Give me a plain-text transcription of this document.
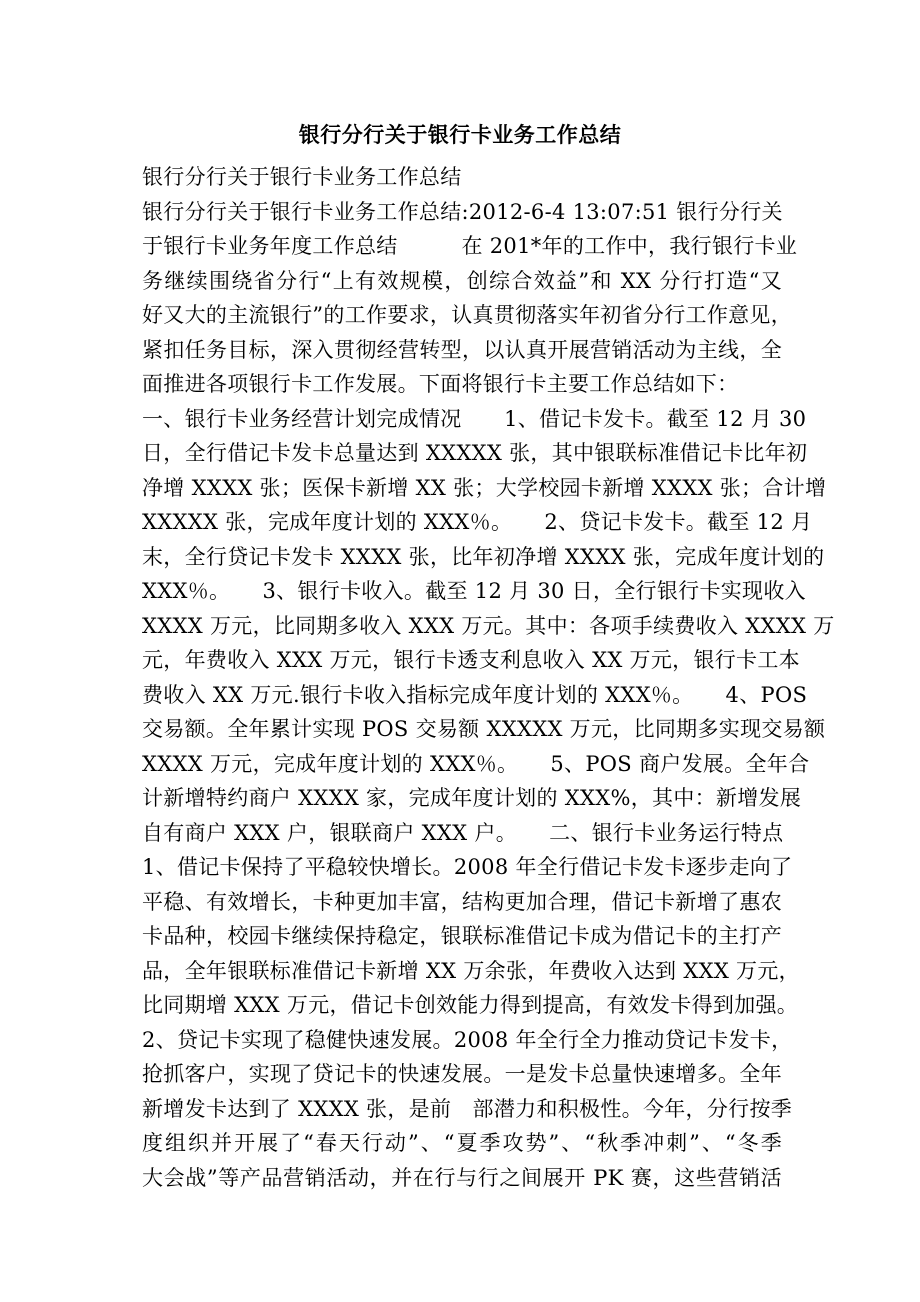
银行分行关于银行卡业务工作总结
银行分行关于银行卡业务工作总结
银行分行关于银行卡业务工作总结:2012-6-4 13:07:51 银行分行关
于银行卡业务年度工作总结　　　在 201*年的工作中，我行银行卡业
务继续围绕省分行“上有效规模，创综合效益”和 XX 分行打造“又
好又大的主流银行”的工作要求，认真贯彻落实年初省分行工作意见，
紧扣任务目标，深入贯彻经营转型，以认真开展营销活动为主线，全
面推进各项银行卡工作发展。下面将银行卡主要工作总结如下：
一、银行卡业务经营计划完成情况　　1、借记卡发卡。截至 12 月 30
日，全行借记卡发卡总量达到 XXXXX 张，其中银联标准借记卡比年初
净增 XXXX 张；医保卡新增 XX 张；大学校园卡新增 XXXX 张；合计增
XXXXX 张，完成年度计划的 XXX％。　　2、贷记卡发卡。截至 12 月
末，全行贷记卡发卡 XXXX 张，比年初净增 XXXX 张，完成年度计划的
XXX％。　　3、银行卡收入。截至 12 月 30 日，全行银行卡实现收入
XXXX 万元，比同期多收入 XXX 万元。其中：各项手续费收入 XXXX 万
元，年费收入 XXX 万元，银行卡透支利息收入 XX 万元，银行卡工本
费收入 XX 万元.银行卡收入指标完成年度计划的 XXX％。　　4、POS
交易额。全年累计实现 POS 交易额 XXXXX 万元，比同期多实现交易额
XXXX 万元，完成年度计划的 XXX％。　　5、POS 商户发展。全年合
计新增特约商户 XXXX 家，完成年度计划的 XXX%，其中：新增发展
自有商户 XXX 户，银联商户 XXX 户。　　二、银行卡业务运行特点
1、借记卡保持了平稳较快增长。2008 年全行借记卡发卡逐步走向了
平稳、有效增长，卡种更加丰富，结构更加合理，借记卡新增了惠农
卡品种，校园卡继续保持稳定，银联标准借记卡成为借记卡的主打产
品，全年银联标准借记卡新增 XX 万余张，年费收入达到 XXX 万元，
比同期增 XXX 万元，借记卡创效能力得到提高，有效发卡得到加强。
2、贷记卡实现了稳健快速发展。2008 年全行全力推动贷记卡发卡，
抢抓客户，实现了贷记卡的快速发展。一是发卡总量快速增多。全年
新增发卡达到了 XXXX 张，是前　部潜力和积极性。今年，分行按季
度组织并开展了“春天行动”、“夏季攻势”、“秋季冲刺”、“冬季
大会战”等产品营销活动，并在行与行之间展开 PK 赛，这些营销活
